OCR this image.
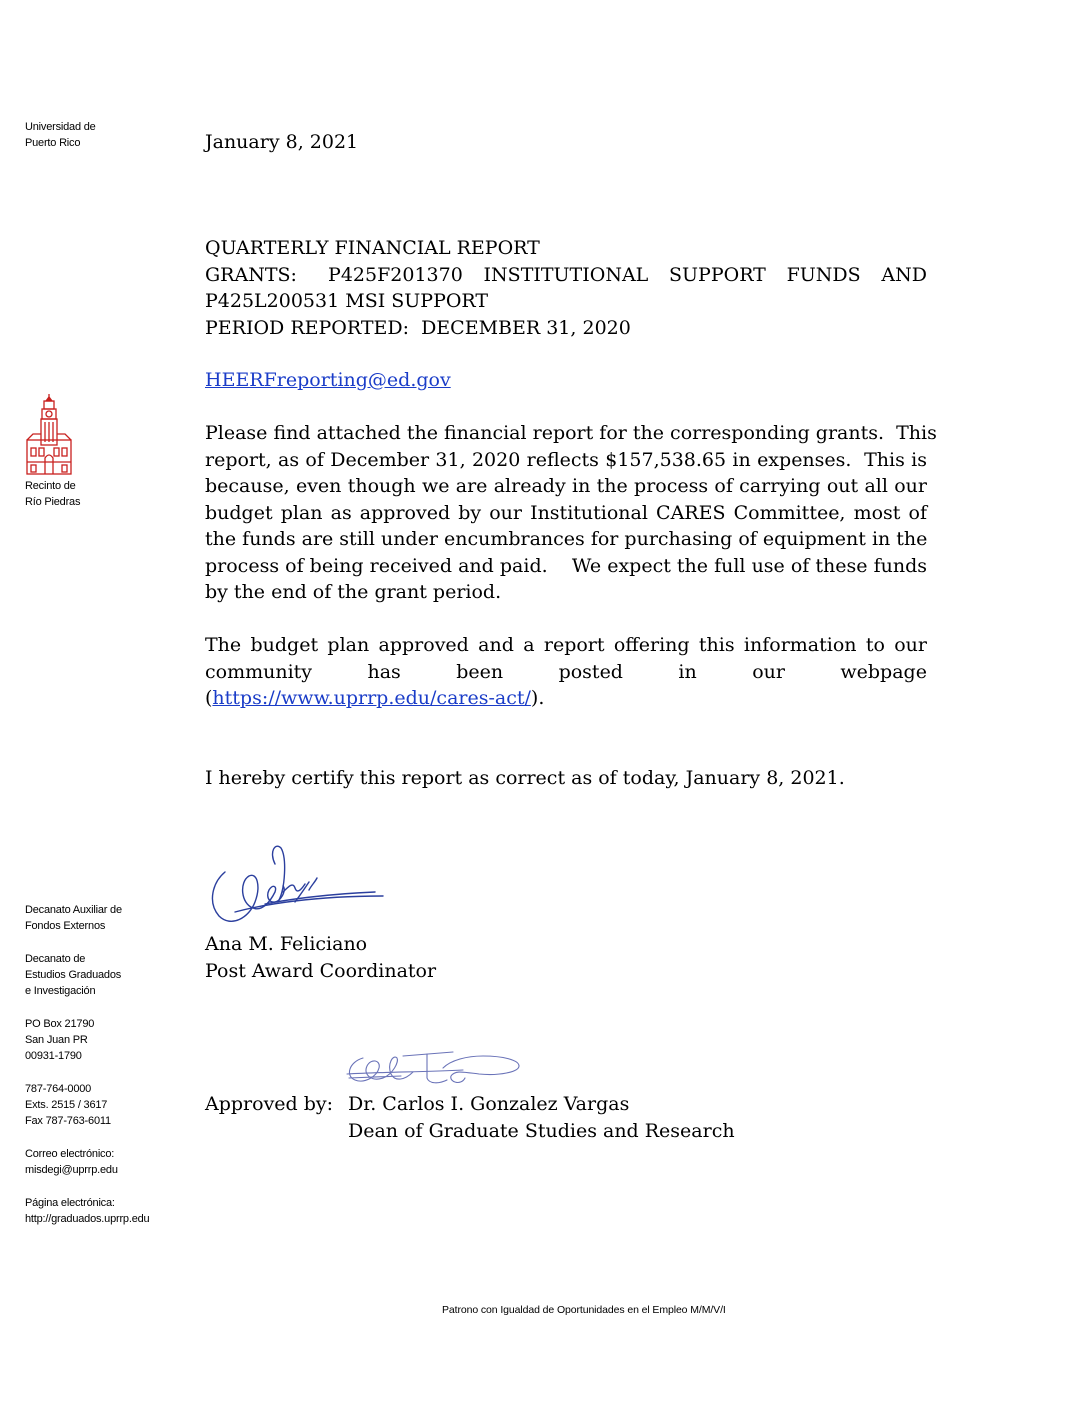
Universidad de
Puerto Rico
Recinto de
Río Piedras
Decanato Auxiliar de
Fondos Externos
Decanato de
Estudios Graduados
e Investigación
PO Box 21790
San Juan PR
00931-1790
787-764-0000
Exts. 2515 / 3617
Fax 787-763-6011
Correo electrónico:
misdegi@uprrp.edu
Página electrónica:
http://graduados.uprrp.edu
January 8, 2021
QUARTERLY FINANCIAL REPORT
GRANTS:   P425F201370  INSTITUTIONAL  SUPPORT  FUNDS  AND
P425L200531 MSI SUPPORT
PERIOD REPORTED:  DECEMBER 31, 2020
HEERFreporting@ed.gov
Please find attached the financial report for the corresponding grants.  This
report, as of December 31, 2020 reflects $157,538.65 in expenses.  This is
because, even though we are already in the process of carrying out all our
budget plan as approved by our Institutional CARES Committee, most of
the funds are still under encumbrances for purchasing of equipment in the
process of being received and paid.    We expect the full use of these funds
by the end of the grant period.
The budget plan approved and a report offering this information to our
community	has	been	posted	in	our	webpage
(https://www.uprrp.edu/cares-act/).
I hereby certify this report as correct as of today, January 8, 2021.
Ana M. Feliciano
Post Award Coordinator
Approved by: Dr. Carlos I. Gonzalez Vargas
Dean of Graduate Studies and Research
Patrono con Igualdad de Oportunidades en el Empleo M/M/V/I
